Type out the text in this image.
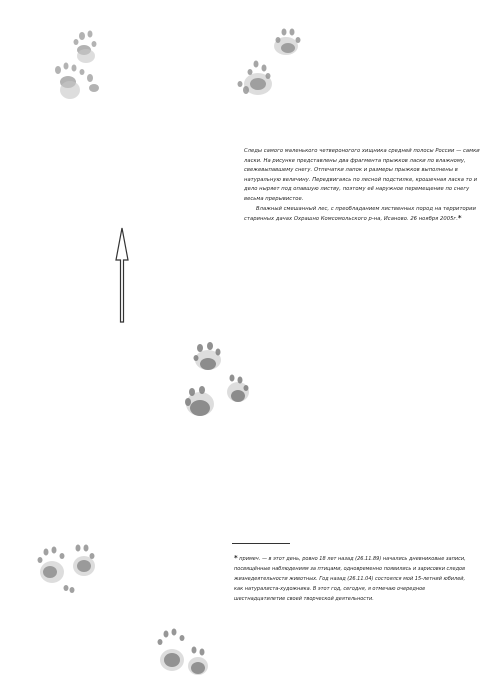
Следы самого маленького четвероногого хищника средней полосы России — самки ласки. На рисунке представлены два фрагмента прыжков ласки по влажному, свежевыпавшему снегу. Отпечатки лапок и размеры прыжков выполнены в натуральную величину. Передвигаясь по лесной подстилке, крошечная ласка то и дело ныряет под опавшую листву, поэтому её наружное перемещение по снегу весьма прерывистое.

Влажный смешанный лес, с преобладанием лиственных пород на территории старинных дачах Охрашно Комсомольского р-на, Исаново. 26 ноября 2005г.*

* примеч. — в этот день, ровно 18 лет назад (26.11.89) начались дневниковые записи, посвящённые наблюдениям за птицами, одновременно появились и зарисовки следов жизнедеятельности животных. Год назад (26.11.04) состоялся мой 15-летний юбилей, как натуралиста-художника. В этот год, сегодня, я отмечаю очередное шестнадцатилетие своей творческой деятельности.
